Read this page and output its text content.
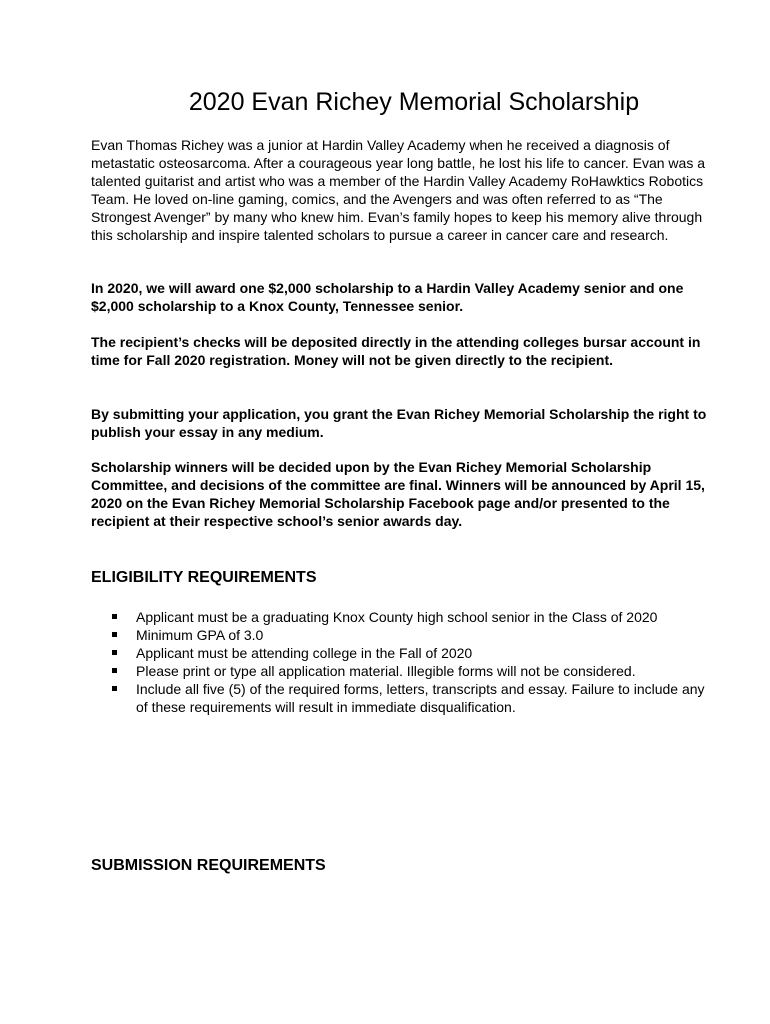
2020 Evan Richey Memorial Scholarship

Evan Thomas Richey was a junior at Hardin Valley Academy when he received a diagnosis of metastatic osteosarcoma. After a courageous year long battle, he lost his life to cancer. Evan was a talented guitarist and artist who was a member of the Hardin Valley Academy RoHawktics Robotics Team. He loved on-line gaming, comics, and the Avengers and was often referred to as “The Strongest Avenger” by many who knew him. Evan’s family hopes to keep his memory alive through this scholarship and inspire talented scholars to pursue a career in cancer care and research.

In 2020, we will award one $2,000 scholarship to a Hardin Valley Academy senior and one $2,000 scholarship to a Knox County, Tennessee senior.

The recipient’s checks will be deposited directly in the attending colleges bursar account in time for Fall 2020 registration. Money will not be given directly to the recipient.

By submitting your application, you grant the Evan Richey Memorial Scholarship the right to publish your essay in any medium.

Scholarship winners will be decided upon by the Evan Richey Memorial Scholarship Committee, and decisions of the committee are final. Winners will be announced by April 15, 2020 on the Evan Richey Memorial Scholarship Facebook page and/or presented to the recipient at their respective school’s senior awards day.

ELIGIBILITY REQUIREMENTS
Applicant must be a graduating Knox County high school senior in the Class of 2020
Minimum GPA of 3.0
Applicant must be attending college in the Fall of 2020
Please print or type all application material. Illegible forms will not be considered.
Include all five (5) of the required forms, letters, transcripts and essay. Failure to include any of these requirements will result in immediate disqualification.
SUBMISSION REQUIREMENTS
